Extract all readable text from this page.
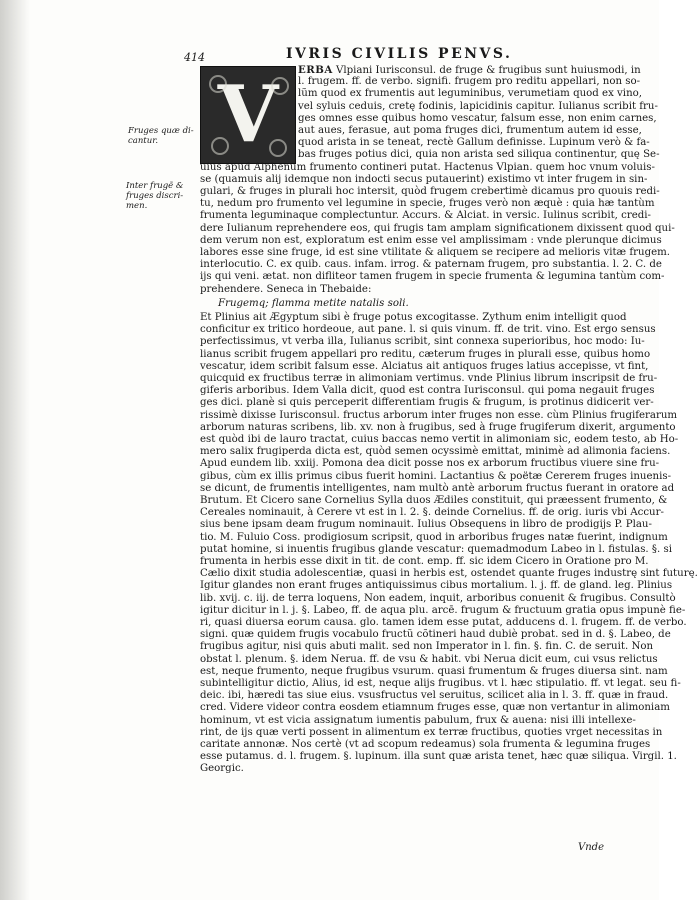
414	IVRIS CIVILIS PENVS.
Fruges quæ di-
cantur.
Inter frugẽ &
fruges discri-
men.
V ERBA Vlpiani Iurisconsul. de fruge & frugibus sunt huiusmodi, in
l. frugem. ff. de verbo. signifi. frugem pro reditu appellari, non so-
lũm quod ex frumentis aut leguminibus, verumetiam quod ex vino,
vel syluis ceduis, cretę fodinis, lapicidinis capitur. Iulianus scribit fru-
ges omnes esse quibus homo vescatur, falsum esse, non enim carnes,
aut aues, ferasue, aut poma fruges dici, frumentum autem id esse,
quod arista in se teneat, rectè Gallum definisse. Lupinum verò & fa-
bas fruges potius dici, quia non arista sed siliqua continentur, quę Se-
uius apud Alphenum frumento contineri putat. Hactenus Vlpian. quem hoc vnum voluis-
se (quamuis alij idemque non indocti secus putauerint) existimo vt inter frugem in sin-
gulari, & fruges in plurali hoc intersit, quòd frugem crebertimè dicamus pro quouis redi-
tu, nedum pro frumento vel legumine in specie, fruges verò non æquè : quia hæ tantùm
frumenta leguminaque complectuntur. Accurs. & Alciat. in versic. Iulinus scribit, credi-
dere Iulianum reprehendere eos, qui frugis tam amplam significationem dixissent quod qui-
dem verum non est, exploratum est enim esse vel amplissimam : vnde plerunque dicimus
labores esse sine fruge, id est sine vtilitate & aliquem se recipere ad melioris vitæ frugem.
interlocutio. C. ex quib. caus. infam. irrog. & paternam frugem, pro substantia. l. 2. C. de
ijs qui veni. ætat. non difliteor tamen frugem in specie frumenta & legumina tantùm com-
prehendere. Seneca in Thebaide:
Frugemq; flamma metite natalis soli.
Et Plinius ait Ægyptum sibi è fruge potus excogitasse. Zythum enim intelligit quod
conficitur ex tritico hordeoue, aut pane. l. si quis vinum. ff. de trit. vino. Est ergo sensus
perfectissimus, vt verba illa, Iulianus scribit, sint connexa superioribus, hoc modo: Iu-
lianus scribit frugem appellari pro reditu, cæterum fruges in plurali esse, quibus homo
vescatur, idem scribit falsum esse. Alciatus ait antiquos fruges latius accepisse, vt fint,
quicquid ex fructibus terræ in alimoniam vertimus. vnde Plinius librum inscripsit de fru-
giferis arboribus. Idem Valla dicit, quod est contra Iurisconsul. qui poma negauit fruges
ges dici. planè si quis perceperit differentiam frugis & frugum, is protinus didicerit ver-
rissimè dixisse Iurisconsul. fructus arborum inter fruges non esse. cùm Plinius frugiferarum
arborum naturas scribens, lib. xv. non à frugibus, sed à fruge frugiferum dixerit, argumento
est quòd ibi de lauro tractat, cuius baccas nemo vertit in alimoniam sic, eodem testo, ab Ho-
mero salix frugiperda dicta est, quòd semen ocyssimè emittat, minimè ad alimonia faciens.
Apud eundem lib. xxiij. Pomona dea dicit posse nos ex arborum fructibus viuere sine fru-
gibus, cùm ex illis primus cibus fuerit homini. Lactantius & poëtæ Cererem fruges inuenis-
se dicunt, de frumentis intelligentes, nam multò antè arborum fructus fuerant in oratore ad
Brutum. Et Cicero sane Cornelius Sylla duos Ædiles constituit, qui præessent frumento, &
Cereales nominauit, à Cerere vt est in l. 2. §. deinde Cornelius. ff. de orig. iuris vbi Accur-
sius bene ipsam deam frugum nominauit. Iulius Obsequens in libro de prodigijs P. Plau-
tio. M. Fuluio Coss. prodigiosum scripsit, quod in arboribus fruges natæ fuerint, indignum
putat homine, si inuentis frugibus glande vescatur: quemadmodum Labeo in l. fistulas. §. si
frumenta in herbis esse dixit in tit. de cont. emp. ff. sic idem Cicero in Oratione pro M.
Cælio dixit studia adolescentiæ, quasi in herbis est, ostendet quante fruges industrę sint futurę.
Igitur glandes non erant fruges antiquissimus cibus mortalium. l. j. ff. de gland. leg. Plinius
lib. xvij. c. iij. de terra loquens, Non eadem, inquit, arboribus conuenit & frugibus. Consultò
igitur dicitur in l. j. §. Labeo, ff. de aqua plu. arcē. frugum & fructuum gratia opus impunè fie-
ri, quasi diuersa eorum causa. glo. tamen idem esse putat, adducens d. l. frugem. ff. de verbo.
signi. quæ quidem frugis vocabulo fructũ cõtineri haud dubiè probat. sed in d. §. Labeo, de
frugibus agitur, nisi quis abuti malit. sed non Imperator in l. fin. §. fin. C. de seruit. Non
obstat l. plenum. §. idem Nerua. ff. de vsu & habit. vbi Nerua dicit eum, cui vsus relictus
est, neque frumento, neque frugibus vsurum. quasi frumentum & fruges diuersa sint. nam
subintelligitur dictio, Alius, id est, neque alijs frugibus. vt l. hæc stipulatio. ff. vt legat. seu fi-
deic. ibi, hæredi tas siue eius. vsusfructus vel seruitus, scilicet alia in l. 3. ff. quæ in fraud.
cred. Videre videor contra eosdem etiamnum fruges esse, quæ non vertantur in alimoniam
hominum, vt est vicia assignatum iumentis pabulum, frux & auena: nisi illi intellexe-
rint, de ijs quæ verti possent in alimentum ex terræ fructibus, quoties vrget necessitas in
caritate annonæ. Nos certè (vt ad scopum redeamus) sola frumenta & legumina fruges
esse putamus. d. l. frugem. §. lupinum. illa sunt quæ arista tenet, hæc quæ siliqua. Virgil. 1.
Georgic.
Vnde
